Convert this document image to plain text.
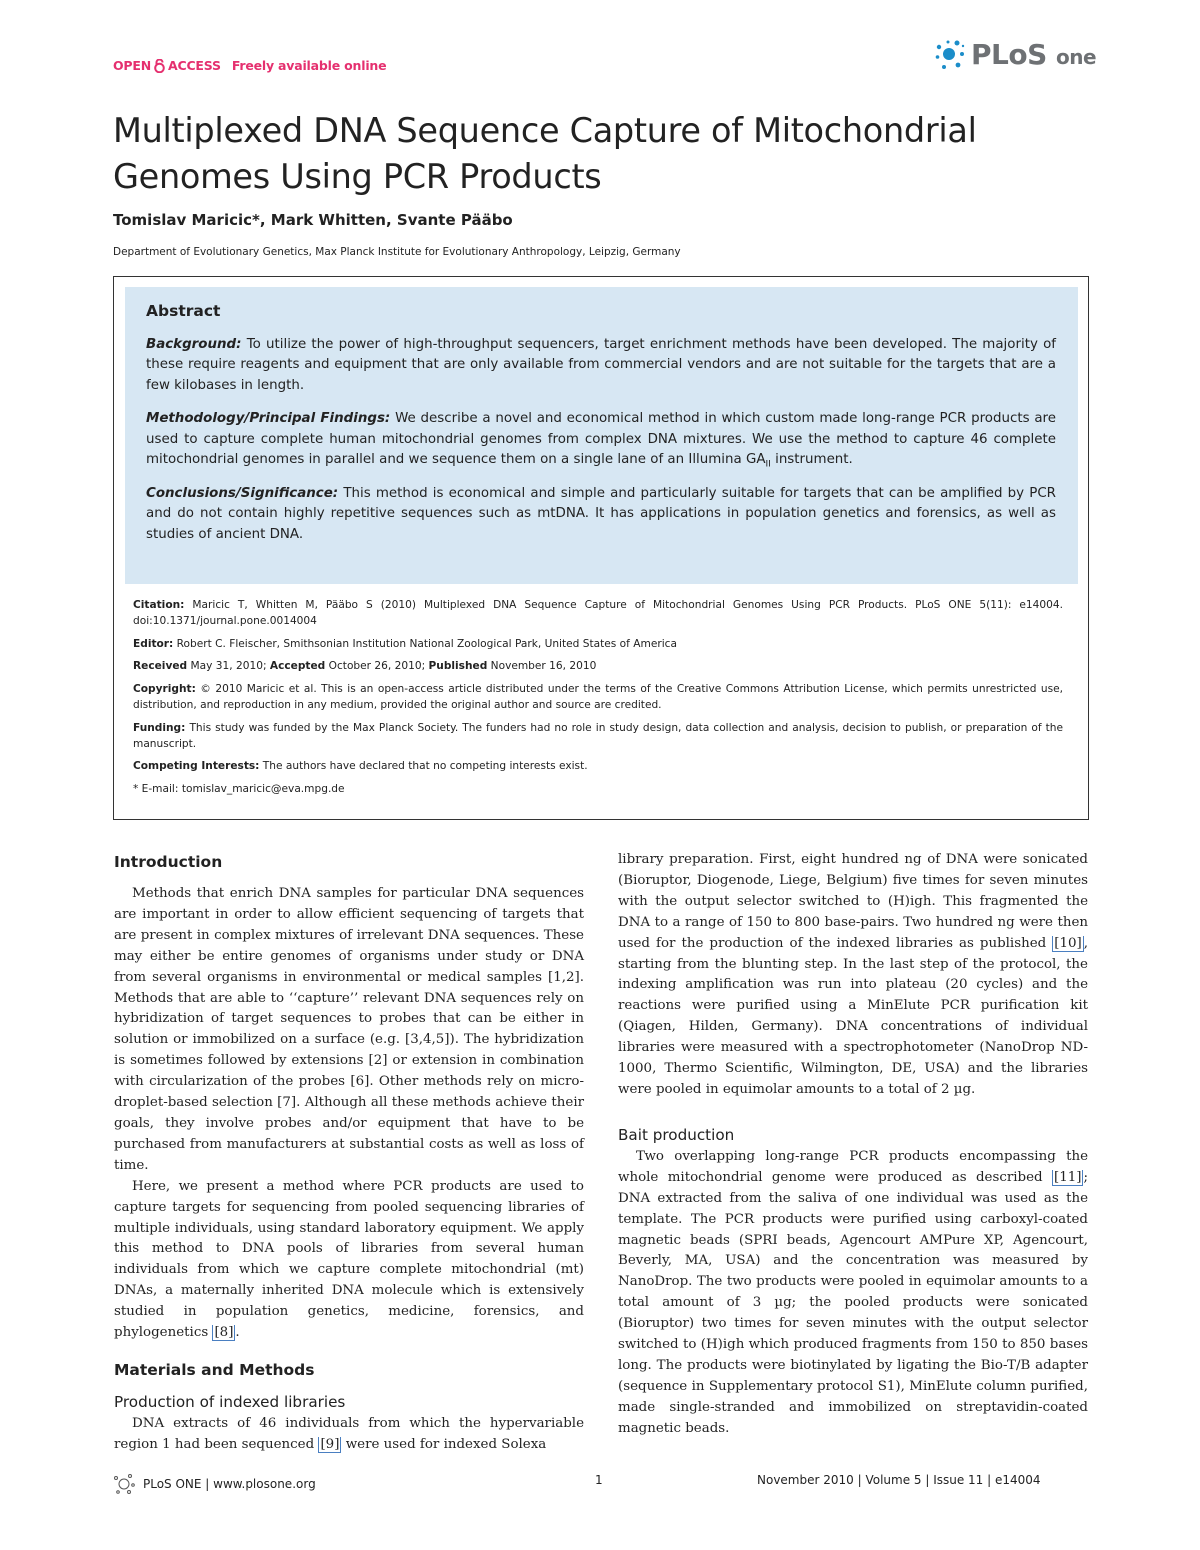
OPEN ACCESS Freely available online	PLoS one
Multiplexed DNA Sequence Capture of Mitochondrial Genomes Using PCR Products
Tomislav Maricic*, Mark Whitten, Svante Pääbo
Department of Evolutionary Genetics, Max Planck Institute for Evolutionary Anthropology, Leipzig, Germany
Abstract

Background: To utilize the power of high-throughput sequencers, target enrichment methods have been developed. The majority of these require reagents and equipment that are only available from commercial vendors and are not suitable for the targets that are a few kilobases in length.

Methodology/Principal Findings: We describe a novel and economical method in which custom made long-range PCR products are used to capture complete human mitochondrial genomes from complex DNA mixtures. We use the method to capture 46 complete mitochondrial genomes in parallel and we sequence them on a single lane of an Illumina $GA_{II}$ instrument.

Conclusions/Significance: This method is economical and simple and particularly suitable for targets that can be amplified by PCR and do not contain highly repetitive sequences such as mtDNA. It has applications in population genetics and forensics, as well as studies of ancient DNA.

Citation: Maricic T, Whitten M, Pääbo S (2010) Multiplexed DNA Sequence Capture of Mitochondrial Genomes Using PCR Products. PLoS ONE 5(11): e14004. doi:10.1371/journal.pone.0014004

Editor: Robert C. Fleischer, Smithsonian Institution National Zoological Park, United States of America

Received May 31, 2010; Accepted October 26, 2010; Published November 16, 2010

Copyright: © 2010 Maricic et al. This is an open-access article distributed under the terms of the Creative Commons Attribution License, which permits unrestricted use, distribution, and reproduction in any medium, provided the original author and source are credited.

Funding: This study was funded by the Max Planck Society. The funders had no role in study design, data collection and analysis, decision to publish, or preparation of the manuscript.

Competing Interests: The authors have declared that no competing interests exist.

* E-mail: tomislav_maricic@eva.mpg.de

Introduction

Methods that enrich DNA samples for particular DNA sequences are important in order to allow efficient sequencing of targets that are present in complex mixtures of irrelevant DNA sequences. These may either be entire genomes of organisms under study or DNA from several organisms in environmental or medical samples [1,2]. Methods that are able to ‘‘capture’’ relevant DNA sequences rely on hybridization of target sequences to probes that can be either in solution or immobilized on a surface (e.g. [3,4,5]). The hybridization is sometimes followed by extensions [2] or extension in combination with circularization of the probes [6]. Other methods rely on micro-droplet-based selection [7]. Although all these methods achieve their goals, they involve probes and/or equipment that have to be purchased from manufacturers at substantial costs as well as loss of time.

Here, we present a method where PCR products are used to capture targets for sequencing from pooled sequencing libraries of multiple individuals, using standard laboratory equipment. We apply this method to DNA pools of libraries from several human individuals from which we capture complete mitochondrial (mt) DNAs, a maternally inherited DNA molecule which is extensively studied in population genetics, medicine, forensics, and phylogenetics [8] .

Materials and Methods
Production of indexed libraries

DNA extracts of 46 individuals from which the hypervariable region 1 had been sequenced [9] were used for indexed Solexa

library preparation. First, eight hundred ng of DNA were sonicated (Bioruptor, Diogenode, Liege, Belgium) five times for seven minutes with the output selector switched to (H)igh. This fragmented the DNA to a range of 150 to 800 base-pairs. Two hundred ng were then used for the production of the indexed libraries as published [10] , starting from the blunting step. In the last step of the protocol, the indexing amplification was run into plateau (20 cycles) and the reactions were purified using a MinElute PCR purification kit (Qiagen, Hilden, Germany). DNA concentrations of individual libraries were measured with a spectrophotometer (NanoDrop ND-1000, Thermo Scientific, Wilmington, DE, USA) and the libraries were pooled in equimolar amounts to a total of 2 µg.

Bait production

Two overlapping long-range PCR products encompassing the whole mitochondrial genome were produced as described [11] ; DNA extracted from the saliva of one individual was used as the template. The PCR products were purified using carboxyl-coated magnetic beads (SPRI beads, Agencourt AMPure XP, Agencourt, Beverly, MA, USA) and the concentration was measured by NanoDrop. The two products were pooled in equimolar amounts to a total amount of 3 µg; the pooled products were sonicated (Bioruptor) two times for seven minutes with the output selector switched to (H)igh which produced fragments from 150 to 850 bases long. The products were biotinylated by ligating the Bio-T/B adapter (sequence in Supplementary protocol S1), MinElute column purified, made single-stranded and immobilized on streptavidin-coated magnetic beads.

PLoS ONE | www.plosone.org	1	November 2010 | Volume 5 | Issue 11 | e14004
